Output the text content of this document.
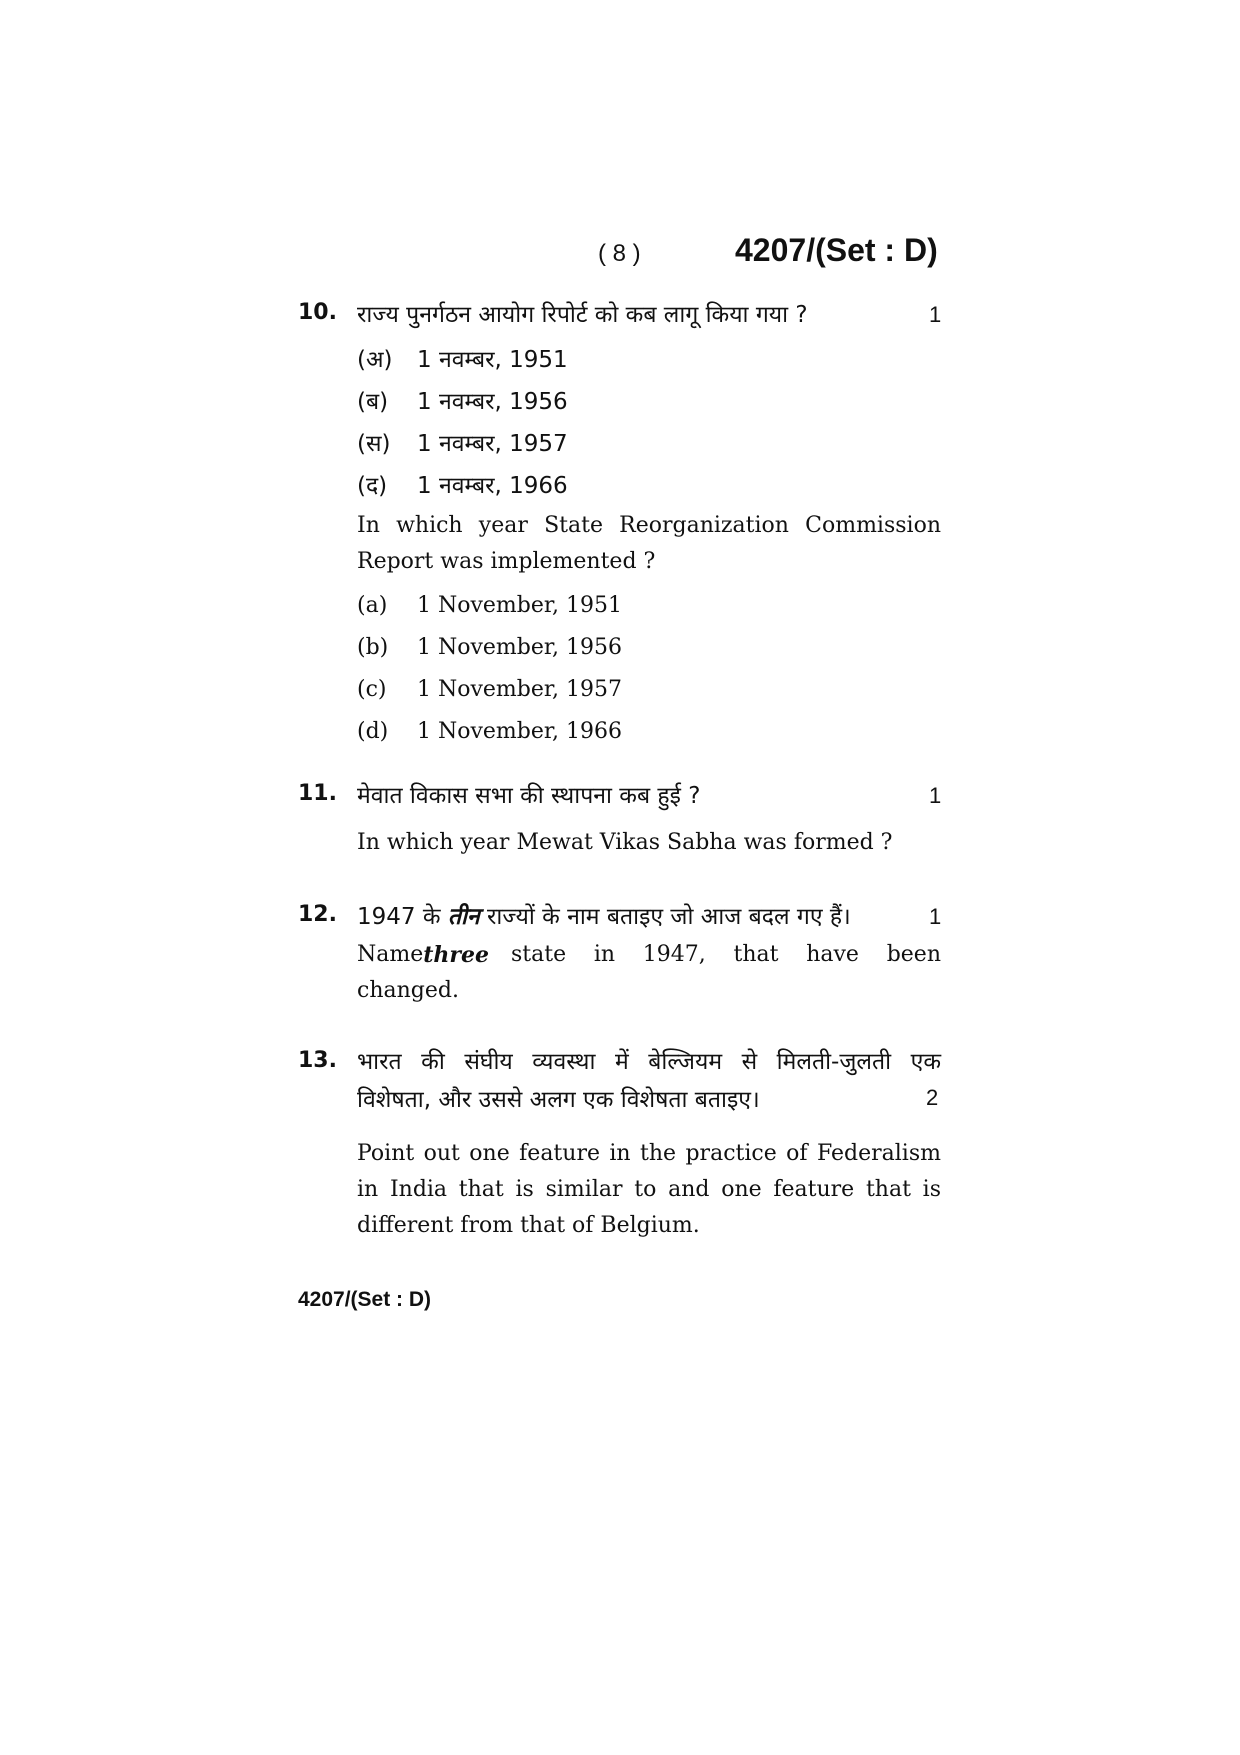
( 8 )	4207/(Set : D)
10. राज्य पुनर्गठन आयोग रिपोर्ट को कब लागू किया गया ?	1
(अ) 1 नवम्बर, 1951
(ब) 1 नवम्बर, 1956
(स) 1 नवम्बर, 1957
(द) 1 नवम्बर, 1966
In which year State Reorganization Commission Report was implemented ?
(a) 1 November, 1951
(b) 1 November, 1956
(c) 1 November, 1957
(d) 1 November, 1966
11. मेवात विकास सभा की स्थापना कब हुई ?	1
In which year Mewat Vikas Sabha was formed ?
12. 1947 के तीन राज्यों के नाम बताइए जो आज बदल गए हैं।	1
Name three state in 1947, that have been
changed.
13. भारत की संघीय व्यवस्था में बेल्जियम से मिलती-जुलती एक
विशेषता, और उससे अलग एक विशेषता बताइए।	2
Point out one feature in the practice of Federalism in India that is similar to and one feature that is different from that of Belgium.
4207/(Set : D)
